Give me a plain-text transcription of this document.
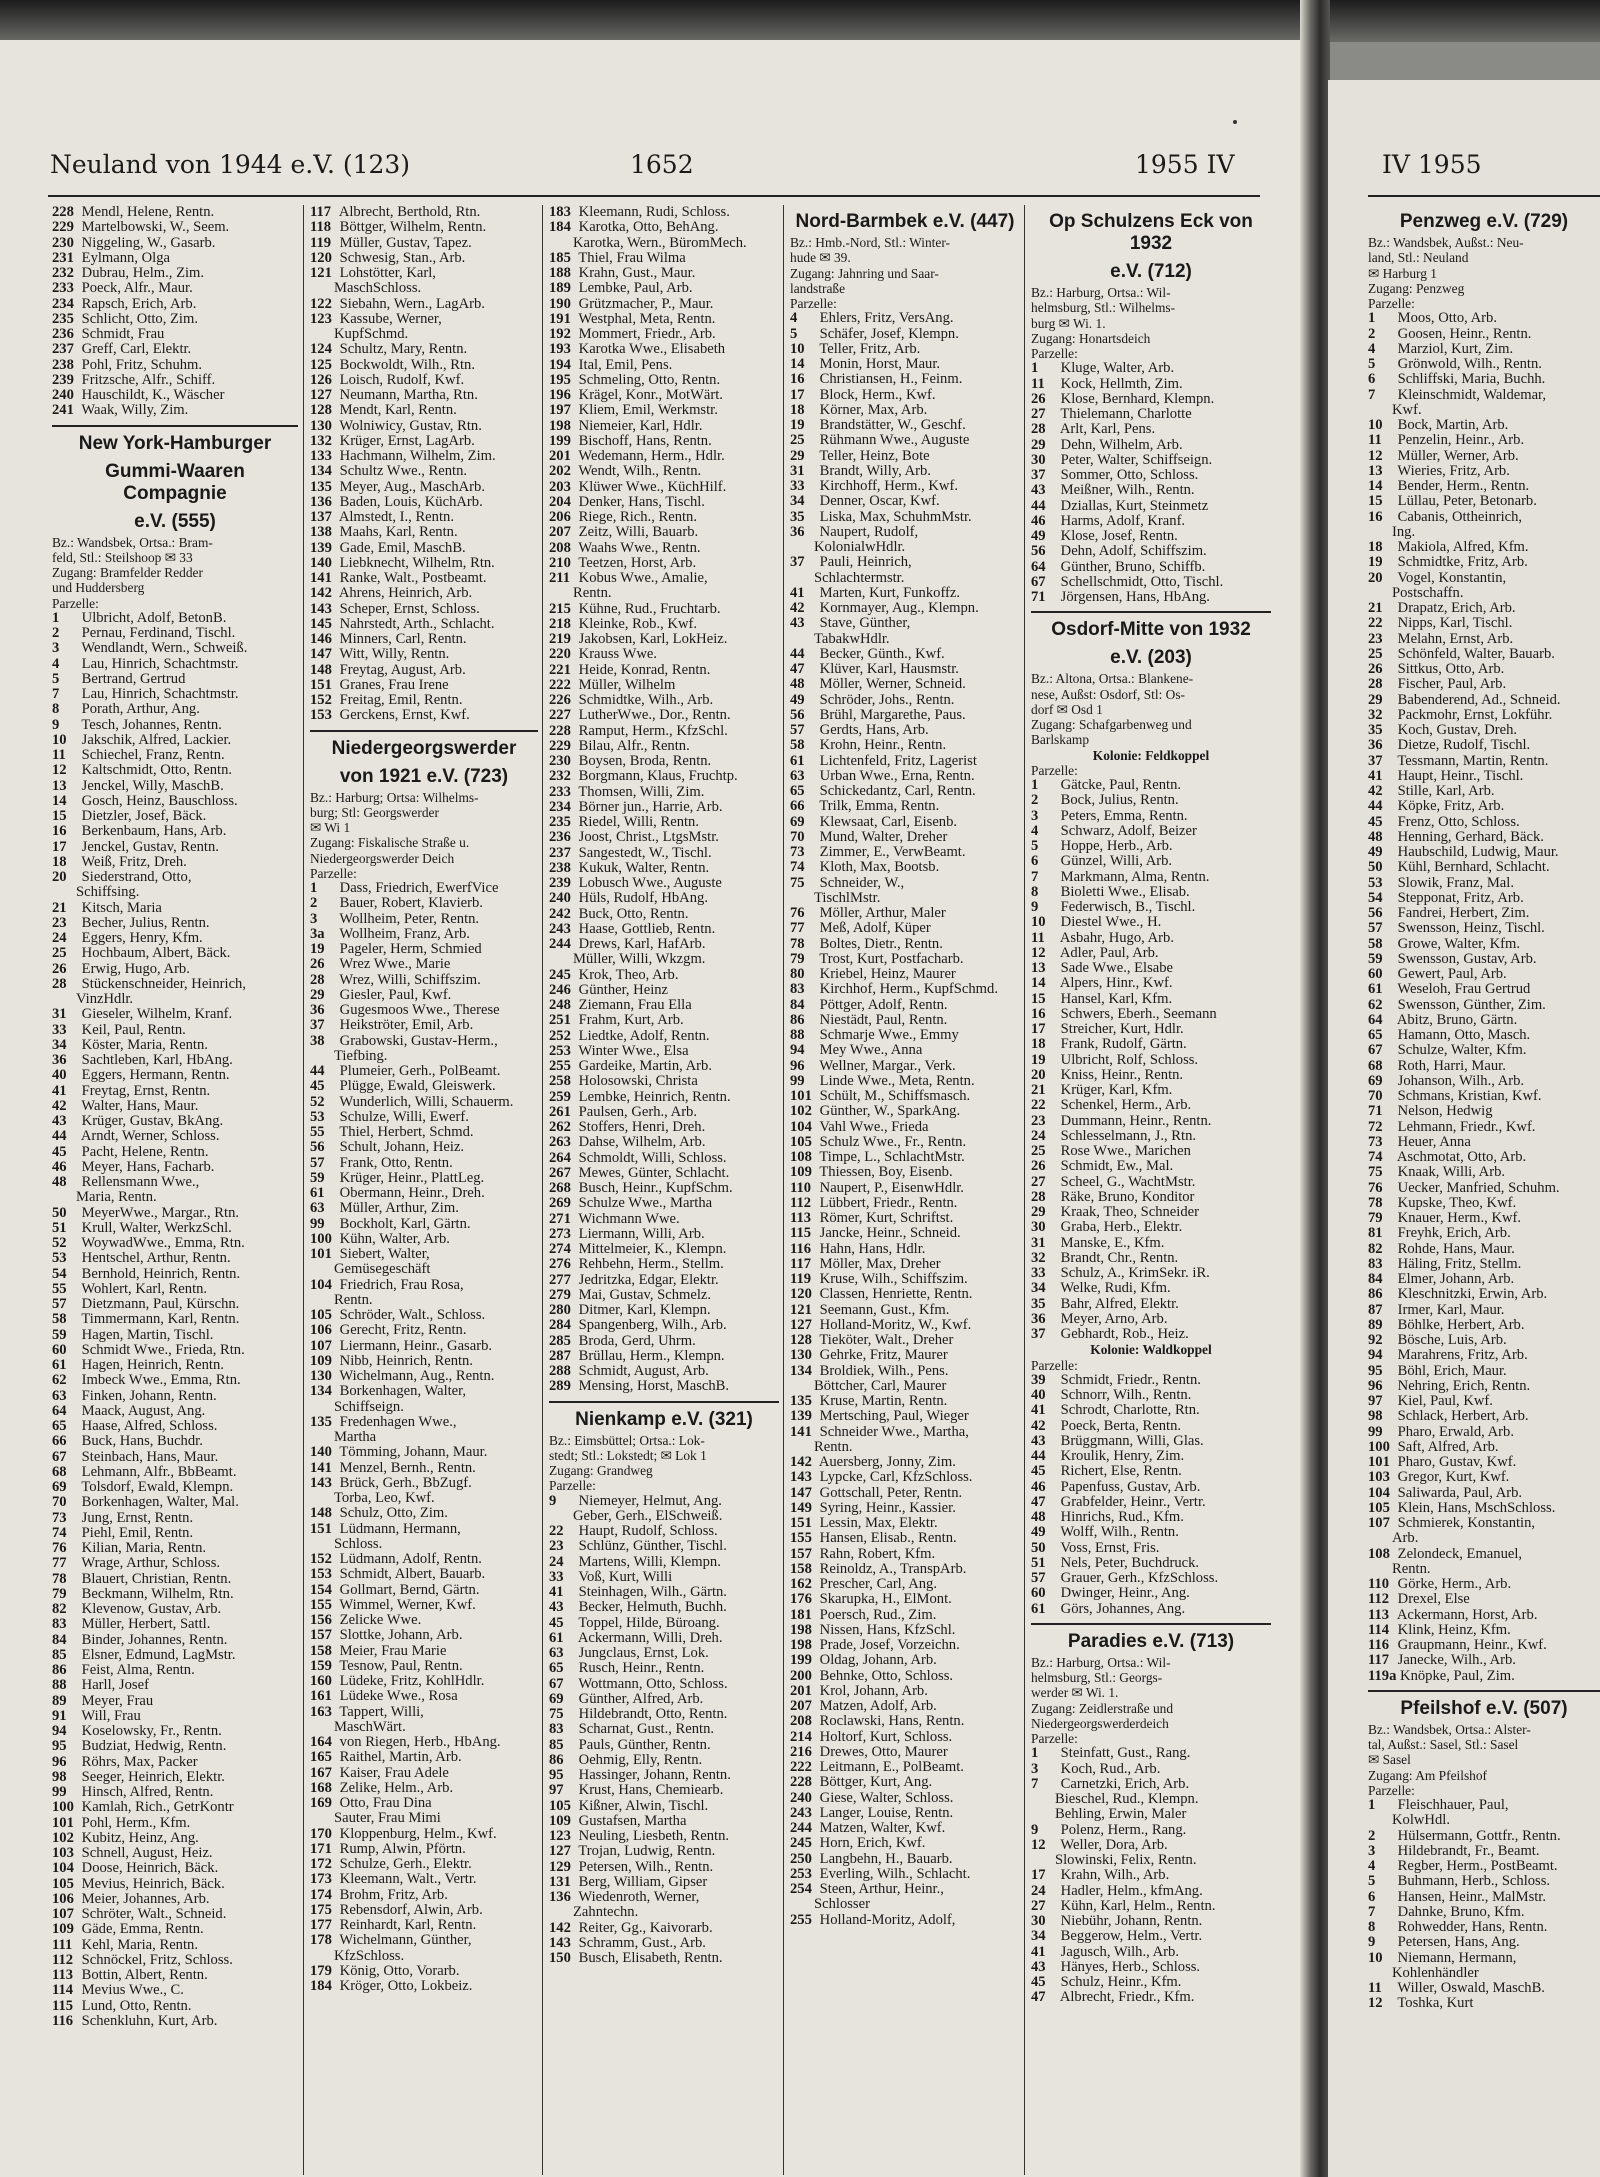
Neuland von 1944 e.V. (123)	1652	1955 IV	IV 1955
228 Mendl, Helene, Rentn.
229 Martelbowski, W., Seem.
230 Niggeling, W., Gasarb.
231 Eylmann, Olga
232 Dubrau, Helm., Zim.
233 Poeck, Alfr., Maur.
234 Rapsch, Erich, Arb.
235 Schlicht, Otto, Zim.
236 Schmidt, Frau
237 Greff, Carl, Elektr.
238 Pohl, Fritz, Schuhm.
239 Fritzsche, Alfr., Schiff.
240 Hauschildt, K., Wäscher
241 Waak, Willy, Zim.
New York-Hamburger
Gummi-Waaren Compagnie
e.V. (555)
Bz.: Wandsbek, Ortsa.: Bram-
feld, Stl.: Steilshoop ✉ 33
Zugang: Bramfelder Redder
und Huddersberg
Parzelle:
1 Ulbricht, Adolf, BetonB.
2 Pernau, Ferdinand, Tischl.
3 Wendlandt, Wern., Schweiß.
4 Lau, Hinrich, Schachtmstr.
5 Bertrand, Gertrud
7 Lau, Hinrich, Schachtmstr.
8 Porath, Arthur, Ang.
9 Tesch, Johannes, Rentn.
10 Jakschik, Alfred, Lackier.
11 Schiechel, Franz, Rentn.
12 Kaltschmidt, Otto, Rentn.
13 Jenckel, Willy, MaschB.
14 Gosch, Heinz, Bauschloss.
15 Dietzler, Josef, Bäck.
16 Berkenbaum, Hans, Arb.
17 Jenckel, Gustav, Rentn.
18 Weiß, Fritz, Dreh.
20 Siederstrand, Otto,
Schiffsing.
21 Kitsch, Maria
23 Becher, Julius, Rentn.
24 Eggers, Henry, Kfm.
25 Hochbaum, Albert, Bäck.
26 Erwig, Hugo, Arb.
28 Stückenschneider, Heinrich,
VinzHdlr.
31 Gieseler, Wilhelm, Kranf.
33 Keil, Paul, Rentn.
34 Köster, Maria, Rentn.
36 Sachtleben, Karl, HbAng.
40 Eggers, Hermann, Rentn.
41 Freytag, Ernst, Rentn.
42 Walter, Hans, Maur.
43 Krüger, Gustav, BkAng.
44 Arndt, Werner, Schloss.
45 Pacht, Helene, Rentn.
46 Meyer, Hans, Facharb.
48 Rellensmann Wwe.,
Maria, Rentn.
50 MeyerWwe., Margar., Rtn.
51 Krull, Walter, WerkzSchl.
52 WoywadWwe., Emma, Rtn.
53 Hentschel, Arthur, Rentn.
54 Bernhold, Heinrich, Rentn.
55 Wohlert, Karl, Rentn.
57 Dietzmann, Paul, Kürschn.
58 Timmermann, Karl, Rentn.
59 Hagen, Martin, Tischl.
60 Schmidt Wwe., Frieda, Rtn.
61 Hagen, Heinrich, Rentn.
62 Imbeck Wwe., Emma, Rtn.
63 Finken, Johann, Rentn.
64 Maack, August, Ang.
65 Haase, Alfred, Schloss.
66 Buck, Hans, Buchdr.
67 Steinbach, Hans, Maur.
68 Lehmann, Alfr., BbBeamt.
69 Tolsdorf, Ewald, Klempn.
70 Borkenhagen, Walter, Mal.
73 Jung, Ernst, Rentn.
74 Piehl, Emil, Rentn.
76 Kilian, Maria, Rentn.
77 Wrage, Arthur, Schloss.
78 Blauert, Christian, Rentn.
79 Beckmann, Wilhelm, Rtn.
82 Klevenow, Gustav, Arb.
83 Müller, Herbert, Sattl.
84 Binder, Johannes, Rentn.
85 Elsner, Edmund, LagMstr.
86 Feist, Alma, Rentn.
88 Harll, Josef
89 Meyer, Frau
91 Will, Frau
94 Koselowsky, Fr., Rentn.
95 Budziat, Hedwig, Rentn.
96 Röhrs, Max, Packer
98 Seeger, Heinrich, Elektr.
99 Hinsch, Alfred, Rentn.
100 Kamlah, Rich., GetrKontr
101 Pohl, Herm., Kfm.
102 Kubitz, Heinz, Ang.
103 Schnell, August, Heiz.
104 Doose, Heinrich, Bäck.
105 Mevius, Heinrich, Bäck.
106 Meier, Johannes, Arb.
107 Schröter, Walt., Schneid.
109 Gäde, Emma, Rentn.
111 Kehl, Maria, Rentn.
112 Schnöckel, Fritz, Schloss.
113 Bottin, Albert, Rentn.
114 Mevius Wwe., C.
115 Lund, Otto, Rentn.
116 Schenkluhn, Kurt, Arb.
117 Albrecht, Berthold, Rtn.
118 Böttger, Wilhelm, Rentn.
119 Müller, Gustav, Tapez.
120 Schwesig, Stan., Arb.
121 Lohstötter, Karl,
MaschSchloss.
122 Siebahn, Wern., LagArb.
123 Kassube, Werner,
KupfSchmd.
124 Schultz, Mary, Rentn.
125 Bockwoldt, Wilh., Rtn.
126 Loisch, Rudolf, Kwf.
127 Neumann, Martha, Rtn.
128 Mendt, Karl, Rentn.
130 Wolniwicy, Gustav, Rtn.
132 Krüger, Ernst, LagArb.
133 Hachmann, Wilhelm, Zim.
134 Schultz Wwe., Rentn.
135 Meyer, Aug., MaschArb.
136 Baden, Louis, KüchArb.
137 Almstedt, I., Rentn.
138 Maahs, Karl, Rentn.
139 Gade, Emil, MaschB.
140 Liebknecht, Wilhelm, Rtn.
141 Ranke, Walt., Postbeamt.
142 Ahrens, Heinrich, Arb.
143 Scheper, Ernst, Schloss.
145 Nahrstedt, Arth., Schlacht.
146 Minners, Carl, Rentn.
147 Witt, Willy, Rentn.
148 Freytag, August, Arb.
151 Granes, Frau Irene
152 Freitag, Emil, Rentn.
153 Gerckens, Ernst, Kwf.
Niedergeorgswerder
von 1921 e.V. (723)
Bz.: Harburg; Ortsa: Wilhelms-
burg; Stl: Georgswerder
✉ Wi 1
Zugang: Fiskalische Straße u.
Niedergeorgswerder Deich
Parzelle:
1 Dass, Friedrich, EwerfVice
2 Bauer, Robert, Klavierb.
3 Wollheim, Peter, Rentn.
3a Wollheim, Franz, Arb.
19 Pageler, Herm, Schmied
26 Wrez Wwe., Marie
28 Wrez, Willi, Schiffszim.
29 Giesler, Paul, Kwf.
36 Gugesmoos Wwe., Therese
37 Heikströter, Emil, Arb.
38 Grabowski, Gustav-Herm.,
Tiefbing.
44 Plumeier, Gerh., PolBeamt.
45 Plügge, Ewald, Gleiswerk.
52 Wunderlich, Willi, Schauerm.
53 Schulze, Willi, Ewerf.
55 Thiel, Herbert, Schmd.
56 Schult, Johann, Heiz.
57 Frank, Otto, Rentn.
59 Krüger, Heinr., PlattLeg.
61 Obermann, Heinr., Dreh.
63 Müller, Arthur, Zim.
99 Bockholt, Karl, Gärtn.
100 Kühn, Walter, Arb.
101 Siebert, Walter,
Gemüsegeschäft
104 Friedrich, Frau Rosa,
Rentn.
105 Schröder, Walt., Schloss.
106 Gerecht, Fritz, Rentn.
107 Liermann, Heinr., Gasarb.
109 Nibb, Heinrich, Rentn.
130 Wichelmann, Aug., Rentn.
134 Borkenhagen, Walter,
Schiffseign.
135 Fredenhagen Wwe.,
Martha
140 Tömming, Johann, Maur.
141 Menzel, Bernh., Rentn.
143 Brück, Gerh., BbZugf.
Torba, Leo, Kwf.
148 Schulz, Otto, Zim.
151 Lüdmann, Hermann,
Schloss.
152 Lüdmann, Adolf, Rentn.
153 Schmidt, Albert, Bauarb.
154 Gollmart, Bernd, Gärtn.
155 Wimmel, Werner, Kwf.
156 Zelicke Wwe.
157 Slottke, Johann, Arb.
158 Meier, Frau Marie
159 Tesnow, Paul, Rentn.
160 Lüdeke, Fritz, KohlHdlr.
161 Lüdeke Wwe., Rosa
163 Tappert, Willi,
MaschWärt.
164 von Riegen, Herb., HbAng.
165 Raithel, Martin, Arb.
167 Kaiser, Frau Adele
168 Zelike, Helm., Arb.
169 Otto, Frau Dina
Sauter, Frau Mimi
170 Kloppenburg, Helm., Kwf.
171 Rump, Alwin, Pförtn.
172 Schulze, Gerh., Elektr.
173 Kleemann, Walt., Vertr.
174 Brohm, Fritz, Arb.
175 Rebensdorf, Alwin, Arb.
177 Reinhardt, Karl, Rentn.
178 Wichelmann, Günther,
KfzSchloss.
179 König, Otto, Vorarb.
184 Kröger, Otto, Lokbeiz.
183 Kleemann, Rudi, Schloss.
184 Karotka, Otto, BehAng.
Karotka, Wern., BüromMech.
185 Thiel, Frau Wilma
188 Krahn, Gust., Maur.
189 Lembke, Paul, Arb.
190 Grützmacher, P., Maur.
191 Westphal, Meta, Rentn.
192 Mommert, Friedr., Arb.
193 Karotka Wwe., Elisabeth
194 Ital, Emil, Pens.
195 Schmeling, Otto, Rentn.
196 Krägel, Konr., MotWärt.
197 Kliem, Emil, Werkmstr.
198 Niemeier, Karl, Hdlr.
199 Bischoff, Hans, Rentn.
201 Wedemann, Herm., Hdlr.
202 Wendt, Wilh., Rentn.
203 Klüwer Wwe., KüchHilf.
204 Denker, Hans, Tischl.
206 Riege, Rich., Rentn.
207 Zeitz, Willi, Bauarb.
208 Waahs Wwe., Rentn.
210 Teetzen, Horst, Arb.
211 Kobus Wwe., Amalie,
Rentn.
215 Kühne, Rud., Fruchtarb.
218 Kleinke, Rob., Kwf.
219 Jakobsen, Karl, LokHeiz.
220 Krauss Wwe.
221 Heide, Konrad, Rentn.
222 Müller, Wilhelm
226 Schmidtke, Wilh., Arb.
227 LutherWwe., Dor., Rentn.
228 Ramput, Herm., KfzSchl.
229 Bilau, Alfr., Rentn.
230 Boysen, Broda, Rentn.
232 Borgmann, Klaus, Fruchtp.
233 Thomsen, Willi, Zim.
234 Börner jun., Harrie, Arb.
235 Riedel, Willi, Rentn.
236 Joost, Christ., LtgsMstr.
237 Sangestedt, W., Tischl.
238 Kukuk, Walter, Rentn.
239 Lobusch Wwe., Auguste
240 Hüls, Rudolf, HbAng.
242 Buck, Otto, Rentn.
243 Haase, Gottlieb, Rentn.
244 Drews, Karl, HafArb.
Müller, Willi, Wkzgm.
245 Krok, Theo, Arb.
246 Günther, Heinz
248 Ziemann, Frau Ella
251 Frahm, Kurt, Arb.
252 Liedtke, Adolf, Rentn.
253 Winter Wwe., Elsa
255 Gardeike, Martin, Arb.
258 Holosowski, Christa
259 Lembke, Heinrich, Rentn.
261 Paulsen, Gerh., Arb.
262 Stoffers, Henri, Dreh.
263 Dahse, Wilhelm, Arb.
264 Schmoldt, Willi, Schloss.
267 Mewes, Günter, Schlacht.
268 Busch, Heinr., KupfSchm.
269 Schulze Wwe., Martha
271 Wichmann Wwe.
273 Liermann, Willi, Arb.
274 Mittelmeier, K., Klempn.
276 Rehbehn, Herm., Stellm.
277 Jedritzka, Edgar, Elektr.
279 Mai, Gustav, Schmelz.
280 Ditmer, Karl, Klempn.
284 Spangenberg, Wilh., Arb.
285 Broda, Gerd, Uhrm.
287 Brüllau, Herm., Klempn.
288 Schmidt, August, Arb.
289 Mensing, Horst, MaschB.
Nienkamp e.V. (321)
Bz.: Eimsbüttel; Ortsa.: Lok-
stedt; Stl.: Lokstedt; ✉ Lok 1
Zugang: Grandweg
Parzelle:
9 Niemeyer, Helmut, Ang.
Geber, Gerh., ElSchweiß.
22 Haupt, Rudolf, Schloss.
23 Schlünz, Günther, Tischl.
24 Martens, Willi, Klempn.
33 Voß, Kurt, Willi
41 Steinhagen, Wilh., Gärtn.
43 Becker, Helmuth, Buchh.
45 Toppel, Hilde, Büroang.
61 Ackermann, Willi, Dreh.
63 Jungclaus, Ernst, Lok.
65 Rusch, Heinr., Rentn.
67 Wottmann, Otto, Schloss.
69 Günther, Alfred, Arb.
75 Hildebrandt, Otto, Rentn.
83 Scharnat, Gust., Rentn.
85 Pauls, Günther, Rentn.
86 Oehmig, Elly, Rentn.
95 Hassinger, Johann, Rentn.
97 Krust, Hans, Chemiearb.
105 Kißner, Alwin, Tischl.
109 Gustafsen, Martha
123 Neuling, Liesbeth, Rentn.
127 Trojan, Ludwig, Rentn.
129 Petersen, Wilh., Rentn.
131 Berg, William, Gipser
136 Wiedenroth, Werner,
Zahntechn.
142 Reiter, Gg., Kaivorarb.
143 Schramm, Gust., Arb.
150 Busch, Elisabeth, Rentn.
Nord-Barmbek e.V. (447)
Bz.: Hmb.-Nord, Stl.: Winter-
hude ✉ 39.
Zugang: Jahnring und Saar-
landstraße
Parzelle:
4 Ehlers, Fritz, VersAng.
5 Schäfer, Josef, Klempn.
10 Teller, Fritz, Arb.
14 Monin, Horst, Maur.
16 Christiansen, H., Feinm.
17 Block, Herm., Kwf.
18 Körner, Max, Arb.
19 Brandstätter, W., Geschf.
25 Rühmann Wwe., Auguste
29 Teller, Heinz, Bote
31 Brandt, Willy, Arb.
33 Kirchhoff, Herm., Kwf.
34 Denner, Oscar, Kwf.
35 Liska, Max, SchuhmMstr.
36 Naupert, Rudolf,
KolonialwHdlr.
37 Pauli, Heinrich,
Schlachtermstr.
41 Marten, Kurt, Funkoffz.
42 Kornmayer, Aug., Klempn.
43 Stave, Günther,
TabakwHdlr.
44 Becker, Günth., Kwf.
47 Klüver, Karl, Hausmstr.
48 Möller, Werner, Schneid.
49 Schröder, Johs., Rentn.
56 Brühl, Margarethe, Paus.
57 Gerdts, Hans, Arb.
58 Krohn, Heinr., Rentn.
61 Lichtenfeld, Fritz, Lagerist
63 Urban Wwe., Erna, Rentn.
65 Schickedantz, Carl, Rentn.
66 Trilk, Emma, Rentn.
69 Klewsaat, Carl, Eisenb.
70 Mund, Walter, Dreher
73 Zimmer, E., VerwBeamt.
74 Kloth, Max, Bootsb.
75 Schneider, W.,
TischlMstr.
76 Möller, Arthur, Maler
77 Meß, Adolf, Küper
78 Boltes, Dietr., Rentn.
79 Trost, Kurt, Postfacharb.
80 Kriebel, Heinz, Maurer
83 Kirchhof, Herm., KupfSchmd.
84 Pöttger, Adolf, Rentn.
86 Niestädt, Paul, Rentn.
88 Schmarje Wwe., Emmy
94 Mey Wwe., Anna
96 Wellner, Margar., Verk.
99 Linde Wwe., Meta, Rentn.
101 Schült, M., Schiffsmasch.
102 Günther, W., SparkAng.
104 Vahl Wwe., Frieda
105 Schulz Wwe., Fr., Rentn.
108 Timpe, L., SchlachtMstr.
109 Thiessen, Boy, Eisenb.
110 Naupert, P., EisenwHdlr.
112 Lübbert, Friedr., Rentn.
113 Römer, Kurt, Schriftst.
115 Jancke, Heinr., Schneid.
116 Hahn, Hans, Hdlr.
117 Möller, Max, Dreher
119 Kruse, Wilh., Schiffszim.
120 Classen, Henriette, Rentn.
121 Seemann, Gust., Kfm.
127 Holland-Moritz, W., Kwf.
128 Tieköter, Walt., Dreher
130 Gehrke, Fritz, Maurer
134 Broldiek, Wilh., Pens.
Böttcher, Carl, Maurer
135 Kruse, Martin, Rentn.
139 Mertsching, Paul, Wieger
141 Schneider Wwe., Martha,
Rentn.
142 Auersberg, Jonny, Zim.
143 Lypcke, Carl, KfzSchloss.
147 Gottschall, Peter, Rentn.
149 Syring, Heinr., Kassier.
151 Lessin, Max, Elektr.
155 Hansen, Elisab., Rentn.
157 Rahn, Robert, Kfm.
158 Reinoldz, A., TranspArb.
162 Prescher, Carl, Ang.
176 Skarupka, H., ElMont.
181 Poersch, Rud., Zim.
198 Nissen, Hans, KfzSchl.
198 Prade, Josef, Vorzeichn.
199 Oldag, Johann, Arb.
200 Behnke, Otto, Schloss.
201 Krol, Johann, Arb.
207 Matzen, Adolf, Arb.
208 Roclawski, Hans, Rentn.
214 Holtorf, Kurt, Schloss.
216 Drewes, Otto, Maurer
222 Leitmann, E., PolBeamt.
228 Böttger, Kurt, Ang.
240 Giese, Walter, Schloss.
243 Langer, Louise, Rentn.
244 Matzen, Walter, Kwf.
245 Horn, Erich, Kwf.
250 Langbehn, H., Bauarb.
253 Everling, Wilh., Schlacht.
254 Steen, Arthur, Heinr.,
Schlosser
255 Holland-Moritz, Adolf,
Op Schulzens Eck von 1932
e.V. (712)
Bz.: Harburg, Ortsa.: Wil-
helmsburg, Stl.: Wilhelms-
burg ✉ Wi. 1.
Zugang: Honartsdeich
Parzelle:
1 Kluge, Walter, Arb.
11 Kock, Hellmth, Zim.
26 Klose, Bernhard, Klempn.
27 Thielemann, Charlotte
28 Arlt, Karl, Pens.
29 Dehn, Wilhelm, Arb.
30 Peter, Walter, Schiffseign.
37 Sommer, Otto, Schloss.
43 Meißner, Wilh., Rentn.
44 Dziallas, Kurt, Steinmetz
46 Harms, Adolf, Kranf.
49 Klose, Josef, Rentn.
56 Dehn, Adolf, Schiffszim.
64 Günther, Bruno, Schiffb.
67 Schellschmidt, Otto, Tischl.
71 Jörgensen, Hans, HbAng.
Osdorf-Mitte von 1932
e.V. (203)
Bz.: Altona, Ortsa.: Blankene-
nese, Außst: Osdorf, Stl: Os-
dorf ✉ Osd 1
Zugang: Schafgarbenweg und
Barlskamp
Kolonie: Feldkoppel
Parzelle:
1 Gätcke, Paul, Rentn.
2 Bock, Julius, Rentn.
3 Peters, Emma, Rentn.
4 Schwarz, Adolf, Beizer
5 Hoppe, Herb., Arb.
6 Günzel, Willi, Arb.
7 Markmann, Alma, Rentn.
8 Bioletti Wwe., Elisab.
9 Federwisch, B., Tischl.
10 Diestel Wwe., H.
11 Asbahr, Hugo, Arb.
12 Adler, Paul, Arb.
13 Sade Wwe., Elsabe
14 Alpers, Hinr., Kwf.
15 Hansel, Karl, Kfm.
16 Schwers, Eberh., Seemann
17 Streicher, Kurt, Hdlr.
18 Frank, Rudolf, Gärtn.
19 Ulbricht, Rolf, Schloss.
20 Kniss, Heinr., Rentn.
21 Krüger, Karl, Kfm.
22 Schenkel, Herm., Arb.
23 Dummann, Heinr., Rentn.
24 Schlesselmann, J., Rtn.
25 Rose Wwe., Marichen
26 Schmidt, Ew., Mal.
27 Scheel, G., WachtMstr.
28 Räke, Bruno, Konditor
29 Kraak, Theo, Schneider
30 Graba, Herb., Elektr.
31 Manske, E., Kfm.
32 Brandt, Chr., Rentn.
33 Schulz, A., KrimSekr. iR.
34 Welke, Rudi, Kfm.
35 Bahr, Alfred, Elektr.
36 Meyer, Arno, Arb.
37 Gebhardt, Rob., Heiz.
Kolonie: Waldkoppel
Parzelle:
39 Schmidt, Friedr., Rentn.
40 Schnorr, Wilh., Rentn.
41 Schrodt, Charlotte, Rtn.
42 Poeck, Berta, Rentn.
43 Brüggmann, Willi, Glas.
44 Kroulik, Henry, Zim.
45 Richert, Else, Rentn.
46 Papenfuss, Gustav, Arb.
47 Grabfelder, Heinr., Vertr.
48 Hinrichs, Rud., Kfm.
49 Wolff, Wilh., Rentn.
50 Voss, Ernst, Fris.
51 Nels, Peter, Buchdruck.
57 Grauer, Gerh., KfzSchloss.
60 Dwinger, Heinr., Ang.
61 Görs, Johannes, Ang.
Paradies e.V. (713)
Bz.: Harburg, Ortsa.: Wil-
helmsburg, Stl.: Georgs-
werder ✉ Wi. 1.
Zugang: Zeidlerstraße und
Niedergeorgswerderdeich
Parzelle:
1 Steinfatt, Gust., Rang.
3 Koch, Rud., Arb.
7 Carnetzki, Erich, Arb.
Bieschel, Rud., Klempn.
Behling, Erwin, Maler
9 Polenz, Herm., Rang.
12 Weller, Dora, Arb.
Slowinski, Felix, Rentn.
17 Krahn, Wilh., Arb.
24 Hadler, Helm., kfmAng.
27 Kühn, Karl, Helm., Rentn.
30 Niebühr, Johann, Rentn.
34 Beggerow, Helm., Vertr.
41 Jagusch, Wilh., Arb.
43 Hänyes, Herb., Schloss.
45 Schulz, Heinr., Kfm.
47 Albrecht, Friedr., Kfm.
Penzweg e.V. (729)
Bz.: Wandsbek, Außst.: Neu-
land, Stl.: Neuland
✉ Harburg 1
Zugang: Penzweg
Parzelle:
1 Moos, Otto, Arb.
2 Goosen, Heinr., Rentn.
4 Marziol, Kurt, Zim.
5 Grönwold, Wilh., Rentn.
6 Schliffski, Maria, Buchh.
7 Kleinschmidt, Waldemar,
Kwf.
10 Bock, Martin, Arb.
11 Penzelin, Heinr., Arb.
12 Müller, Werner, Arb.
13 Wieries, Fritz, Arb.
14 Bender, Herm., Rentn.
15 Lüllau, Peter, Betonarb.
16 Cabanis, Ottheinrich,
Ing.
18 Makiola, Alfred, Kfm.
19 Schmidtke, Fritz, Arb.
20 Vogel, Konstantin,
Postschaffn.
21 Drapatz, Erich, Arb.
22 Nipps, Karl, Tischl.
23 Melahn, Ernst, Arb.
25 Schönfeld, Walter, Bauarb.
26 Sittkus, Otto, Arb.
28 Fischer, Paul, Arb.
29 Babenderend, Ad., Schneid.
32 Packmohr, Ernst, Lokführ.
35 Koch, Gustav, Dreh.
36 Dietze, Rudolf, Tischl.
37 Tessmann, Martin, Rentn.
41 Haupt, Heinr., Tischl.
42 Stille, Karl, Arb.
44 Köpke, Fritz, Arb.
45 Frenz, Otto, Schloss.
48 Henning, Gerhard, Bäck.
49 Haubschild, Ludwig, Maur.
50 Kühl, Bernhard, Schlacht.
53 Slowik, Franz, Mal.
54 Stepponat, Fritz, Arb.
56 Fandrei, Herbert, Zim.
57 Swensson, Heinz, Tischl.
58 Growe, Walter, Kfm.
59 Swensson, Gustav, Arb.
60 Gewert, Paul, Arb.
61 Weseloh, Frau Gertrud
62 Swensson, Günther, Zim.
64 Abitz, Bruno, Gärtn.
65 Hamann, Otto, Masch.
67 Schulze, Walter, Kfm.
68 Roth, Harri, Maur.
69 Johanson, Wilh., Arb.
70 Schmans, Kristian, Kwf.
71 Nelson, Hedwig
72 Lehmann, Friedr., Kwf.
73 Heuer, Anna
74 Aschmotat, Otto, Arb.
75 Knaak, Willi, Arb.
76 Uecker, Manfried, Schuhm.
78 Kupske, Theo, Kwf.
79 Knauer, Herm., Kwf.
81 Freyhk, Erich, Arb.
82 Rohde, Hans, Maur.
83 Häling, Fritz, Stellm.
84 Elmer, Johann, Arb.
86 Kleschnitzki, Erwin, Arb.
87 Irmer, Karl, Maur.
89 Böhlke, Herbert, Arb.
92 Bösche, Luis, Arb.
94 Marahrens, Fritz, Arb.
95 Böhl, Erich, Maur.
96 Nehring, Erich, Rentn.
97 Kiel, Paul, Kwf.
98 Schlack, Herbert, Arb.
99 Pharo, Erwald, Arb.
100 Saft, Alfred, Arb.
101 Pharo, Gustav, Kwf.
103 Gregor, Kurt, Kwf.
104 Saliwarda, Paul, Arb.
105 Klein, Hans, MschSchloss.
107 Schmierek, Konstantin,
Arb.
108 Zelondeck, Emanuel,
Rentn.
110 Görke, Herm., Arb.
112 Drexel, Else
113 Ackermann, Horst, Arb.
114 Klink, Heinz, Kfm.
116 Graupmann, Heinr., Kwf.
117 Janecke, Wilh., Arb.
119a Knöpke, Paul, Zim.
Pfeilshof e.V. (507)
Bz.: Wandsbek, Ortsa.: Alster-
tal, Außst.: Sasel, Stl.: Sasel
✉ Sasel
Zugang: Am Pfeilshof
Parzelle:
1 Fleischhauer, Paul,
KolwHdl.
2 Hülsermann, Gottfr., Rentn.
3 Hildebrandt, Fr., Beamt.
4 Regber, Herm., PostBeamt.
5 Buhmann, Herb., Schloss.
6 Hansen, Heinr., MalMstr.
7 Dahnke, Bruno, Kfm.
8 Rohwedder, Hans, Rentn.
9 Petersen, Hans, Ang.
10 Niemann, Hermann,
Kohlenhändler
11 Willer, Oswald, MaschB.
12 Toshka, Kurt
